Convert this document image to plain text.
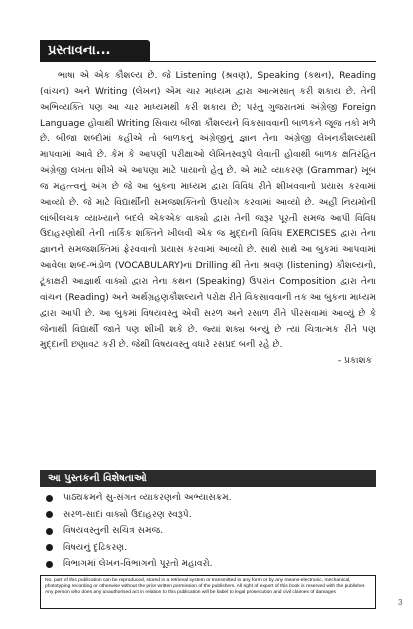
પ્રસ્તાવના...

ભાષા એ એક કૌશલ્ય છે. જે Listening (શ્રવણ), Speaking (કથન), Reading (વાંચન) અને Writing (લેખન) એમ ચાર માધ્યમ દ્વારા આત્મસાત્ કરી શકાય છે. તેની અભિવ્યક્તિ પણ આ ચાર માધ્યમથી કરી શકાય છે; પરંતુ ગુજરાતમાં અંગ્રેજી Foreign Language હોવાથી Writing સિવાય બીજા કૌશલ્યને વિકસાવવાની બાળકને જૂજ તકો મળે છે. બીજા શબ્દોમાં કહીએ તો બાળકનું અંગ્રેજીનું જ્ઞાન તેના અંગ્રેજી લેખનકૌશલ્યથી માપવામાં આવે છે. કેમ કે આપણી પરીક્ષાઓ લેખિતસ્વરૂપે લેવાતી હોવાથી બાળક ક્ષતિરહિત અંગ્રેજી લખતા શીખે એ આપણા માટે પાયાનો હેતુ છે. એ માટે વ્યાકરણ (Grammar) ખૂબ જ મહત્ત્વનું અંગ છે જે આ બુકના માધ્યમ દ્વારા વિવિધ રીતે શીખવવાનો પ્રયાસ કરવામાં આવ્યો છે. જે માટે વિદ્યાર્થીની સમજશક્તિનો ઉપયોગ કરવામાં આવ્યો છે. અહીં નિયમોની લાંબીલચક વ્યાખ્યાને બદલે એકએક વાક્યો દ્વારા તેની જરૂર પૂરતી સમજ આપી વિવિધ ઉદાહરણોથી તેની તાર્કિક શક્તિને ખીલવી એક જ મુદ્દાની વિવિધ EXERCISES દ્વારા તેના જ્ઞાનને સમજશક્તિમાં ફેરવવાનો પ્રયાસ કરવામાં આવ્યો છે. સાથે સાથે આ બુકમાં આપવામાં આવેલા શબ્દ-ભંડોળ (VOCABULARY)નાં Drilling થી તેના શ્રવણ (listening) કૌશલ્યનો, ટૂંકાક્ષરી આજ્ઞાર્થ વાક્યો દ્વારા તેના કથન (Speaking) ઉપરાંત Composition દ્વારા તેના વાંચન (Reading) અને અર્થગ્રહણકૌશલ્યને પરોક્ષ રીતે વિકસાવવાની તક આ બુકના માધ્યમ દ્વારા આપી છે. આ બુકમાં વિષયવસ્તુ એવી સરળ અને રસાળ રીતે પીરસવામાં આવ્યું છે કે જેનાથી વિદ્યાર્થી જાતે પણ શીખી શકે છે. જ્યાં શક્ય બન્યું છે ત્યાં ચિત્રાત્મક રીતે પણ મુદ્દાની છણાવટ કરી છે. જેથી વિષયવસ્તુ વધારે રસપ્રદ બની રહે છે.

- પ્રકાશક
આ પુસ્તકની વિશેષતાઓ
પાઠ્યક્રમને સુ-સંગત વ્યાકરણનો અભ્યાસક્રમ.
સરળ-સાદાં વાક્યો ઉદાહરણ સ્વરૂપે.
વિષયવસ્તુની સચિત્ર સમજ.
વિષયનું દૃઢિકરણ.
વિભાગમાં લેખન-વિભાગનો પૂરતો મહાવરો.
No. part of this publication can be reproduced, stored in a retrieval system or transmitted in any form or by any means-electronic, mechanical, phototyping recording or otherwise without the prior written permission of the publishers. All right of export of this book is reserved with the publisher. Any person who does any unauthorised act in relation to this publication will be liabel to legal prosecution and civil claimes of damages
3
